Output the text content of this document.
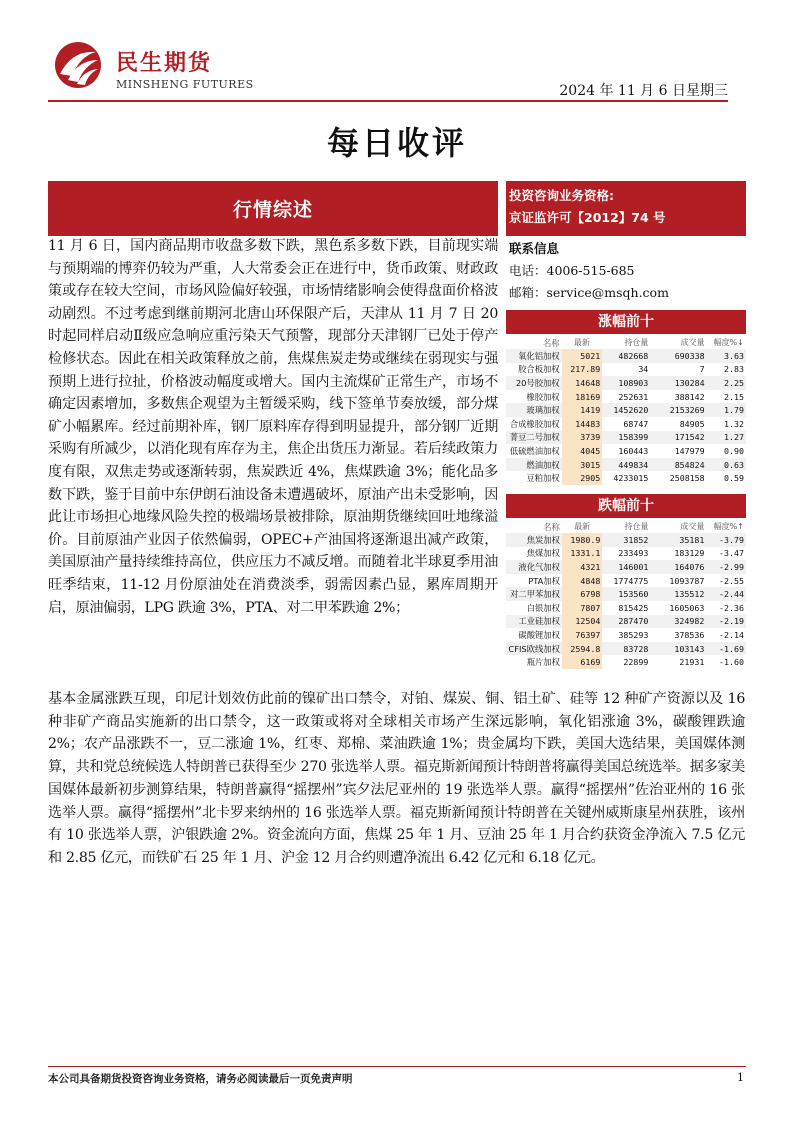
民生期货
MINSHENG FUTURES	2024 年 11 月 6 日星期三
每日收评
行情综述
投资咨询业务资格:
京证监许可【2012】74 号
联系信息
电话：4006-515-685
邮箱：service@msqh.com
涨幅前十
名称	最新	持仓量	成交量	幅度%↓
氧化铝加权	5021	482668	690338	3.63
胶合板加权	217.89	34	7	2.83
20号胶加权	14648	108903	130284	2.25
橡胶加权	18169	252631	388142	2.15
玻璃加权	1419	1452620	2153269	1.79
合成橡胶加权	14483	68747	84905	1.32
菁豆二号加权	3739	158399	171542	1.27
低硫燃油加权	4045	160443	147979	0.90
燃油加权	3015	449834	854824	0.63
豆粕加权	2905	4233015	2508158	0.59
跌幅前十
名称	最新	持仓量	成交量	幅度%↑
焦炭加权	1980.9	31852	35181	-3.79
焦煤加权	1331.1	233493	183129	-3.47
液化气加权	4321	146001	164076	-2.99
PTA加权	4848	1774775	1093787	-2.55
对二甲苯加权	6798	153560	135512	-2.44
白银加权	7807	815425	1605063	-2.36
工业硅加权	12504	287470	324982	-2.19
碳酸锂加权	76397	385293	378536	-2.14
CFIS欧线加权	2594.8	83728	103143	-1.69
瓶片加权	6169	22899	21931	-1.60
11 月 6 日，国内商品期市收盘多数下跌，黑色系多数下跌，目前现实端与预期端的博弈仍较为严重，人大常委会正在进行中，货币政策、财政政策或存在较大空间，市场风险偏好较强，市场情绪影响会使得盘面价格波动剧烈。不过考虑到继前期河北唐山环保限产后，天津从 11 月 7 日 20 时起同样启动Ⅱ级应急响应重污染天气预警，现部分天津钢厂已处于停产检修状态。因此在相关政策释放之前，焦煤焦炭走势或继续在弱现实与强预期上进行拉扯，价格波动幅度或增大。国内主流煤矿正常生产，市场不确定因素增加，多数焦企观望为主暂缓采购，线下签单节奏放缓，部分煤矿小幅累库。经过前期补库，钢厂原料库存得到明显提升，部分钢厂近期采购有所减少，以消化现有库存为主，焦企出货压力渐显。若后续政策力度有限，双焦走势或逐渐转弱，焦炭跌近 4%，焦煤跌逾 3%；能化品多数下跌，鉴于目前中东伊朗石油设备未遭遇破坏，原油产出未受影响，因此让市场担心地缘风险失控的极端场景被排除，原油期货继续回吐地缘溢价。目前原油产业因子依然偏弱，OPEC+产油国将逐渐退出减产政策，美国原油产量持续维持高位，供应压力不减反增。而随着北半球夏季用油旺季结束，11-12 月份原油处在消费淡季，弱需因素凸显，累库周期开启，原油偏弱，LPG 跌逾 3%，PTA、对二甲苯跌逾 2%；
基本金属涨跌互现，印尼计划效仿此前的镍矿出口禁令，对铂、煤炭、铜、铝土矿、硅等 12 种矿产资源以及 16 种非矿产商品实施新的出口禁令，这一政策或将对全球相关市场产生深远影响，氧化铝涨逾 3%，碳酸锂跌逾 2%；农产品涨跌不一，豆二涨逾 1%，红枣、郑棉、菜油跌逾 1%；贵金属均下跌，美国大选结果，美国媒体测算，共和党总统候选人特朗普已获得至少 270 张选举人票。福克斯新闻预计特朗普将赢得美国总统选举。据多家美国媒体最新初步测算结果，特朗普赢得“摇摆州”宾夕法尼亚州的 19 张选举人票。赢得“摇摆州”佐治亚州的 16 张选举人票。赢得“摇摆州”北卡罗来纳州的 16 张选举人票。福克斯新闻预计特朗普在关键州威斯康星州获胜，该州有 10 张选举人票，沪银跌逾 2%。资金流向方面，焦煤 25 年 1 月、豆油 25 年 1 月合约获资金净流入 7.5 亿元和 2.85 亿元，而铁矿石 25 年 1 月、沪金 12 月合约则遭净流出 6.42 亿元和 6.18 亿元。
本公司具备期货投资咨询业务资格，请务必阅读最后一页免责声明	1
